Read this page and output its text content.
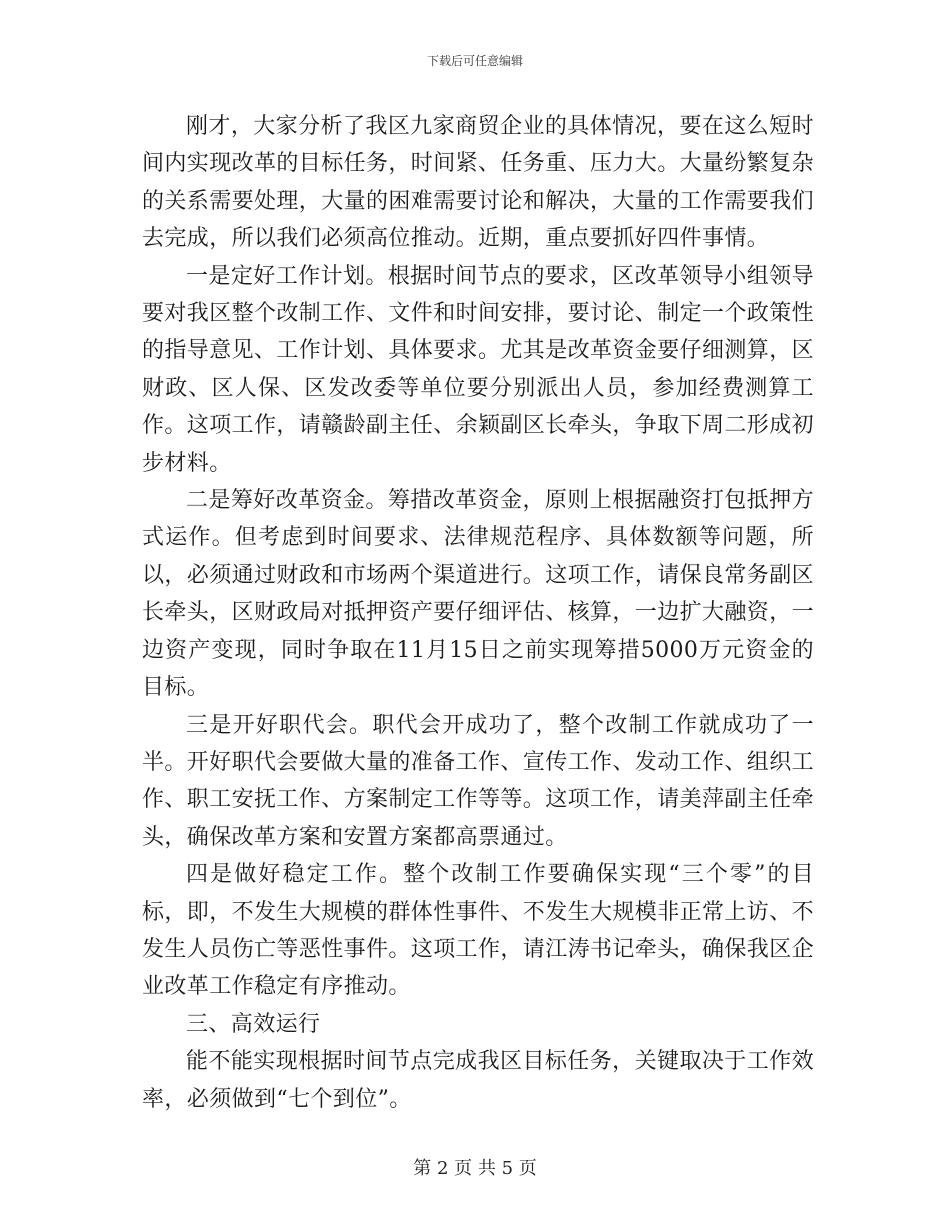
下载后可任意编辑

刚才，大家分析了我区九家商贸企业的具体情况，要在这么短时间内实现改革的目标任务，时间紧、任务重、压力大。大量纷繁复杂的关系需要处理，大量的困难需要讨论和解决，大量的工作需要我们去完成，所以我们必须高位推动。近期，重点要抓好四件事情。

一是定好工作计划。根据时间节点的要求，区改革领导小组领导要对我区整个改制工作、文件和时间安排，要讨论、制定一个政策性的指导意见、工作计划、具体要求。尤其是改革资金要仔细测算，区财政、区人保、区发改委等单位要分别派出人员，参加经费测算工作。这项工作，请赣龄副主任、余颖副区长牵头，争取下周二形成初步材料。

二是筹好改革资金。筹措改革资金，原则上根据融资打包抵押方式运作。但考虑到时间要求、法律规范程序、具体数额等问题，所以，必须通过财政和市场两个渠道进行。这项工作，请保良常务副区长牵头，区财政局对抵押资产要仔细评估、核算，一边扩大融资，一边资产变现，同时争取在11月15日之前实现筹措5000万元资金的目标。

三是开好职代会。职代会开成功了，整个改制工作就成功了一半。开好职代会要做大量的准备工作、宣传工作、发动工作、组织工作、职工安抚工作、方案制定工作等等。这项工作，请美萍副主任牵头，确保改革方案和安置方案都高票通过。

四是做好稳定工作。整个改制工作要确保实现“三个零”的目标，即，不发生大规模的群体性事件、不发生大规模非正常上访、不发生人员伤亡等恶性事件。这项工作，请江涛书记牵头，确保我区企业改革工作稳定有序推动。

三、高效运行

能不能实现根据时间节点完成我区目标任务，关键取决于工作效率，必须做到“七个到位”。

第 2 页 共 5 页
